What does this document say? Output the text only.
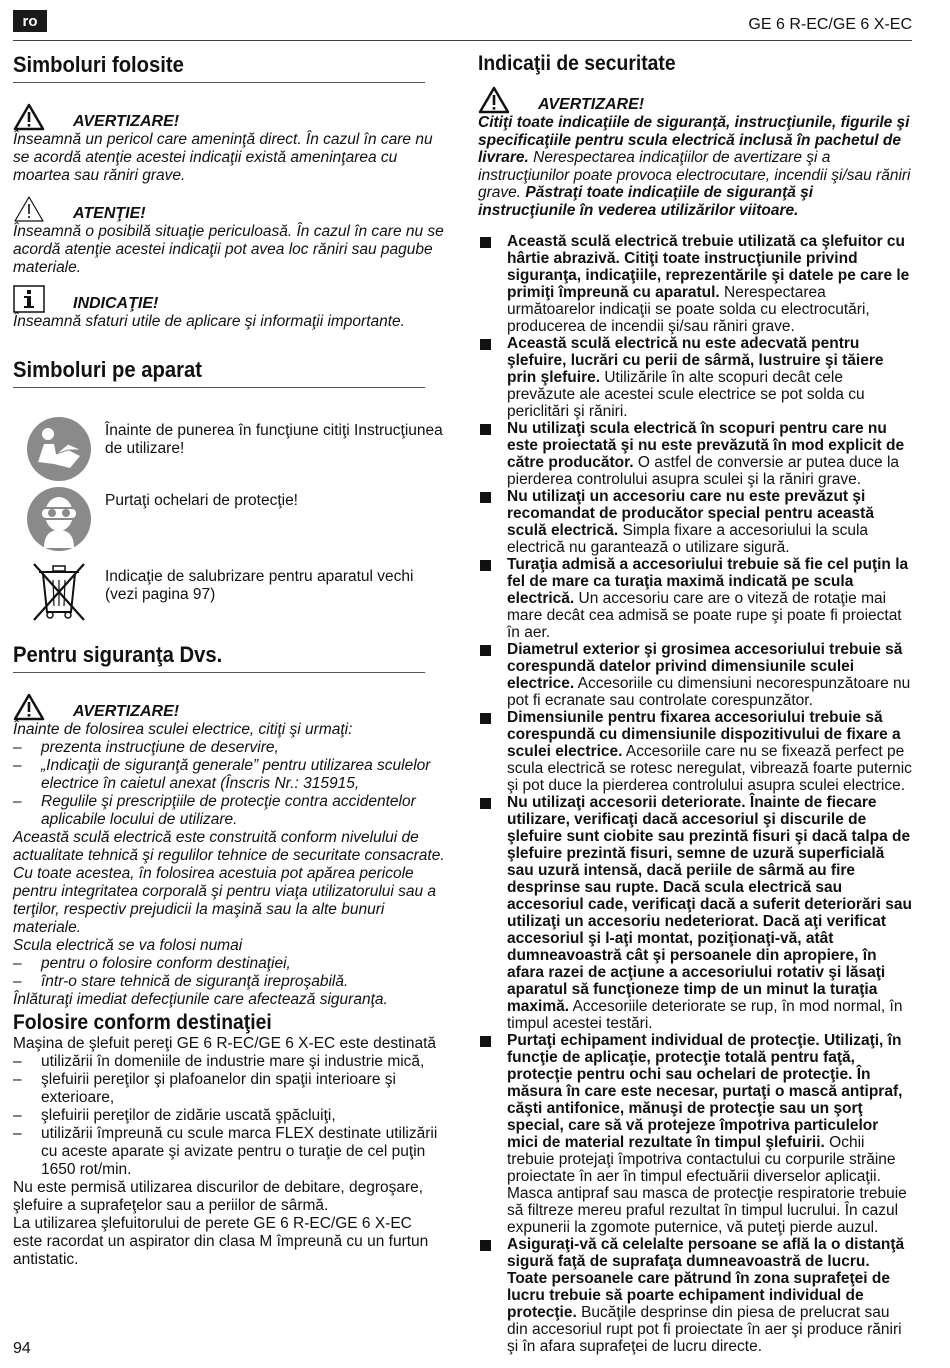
ro	GE 6 R-EC/GE 6 X-EC
Simboluri folosite
AVERTIZARE!

Înseamnă un pericol care ameninţă direct. În cazul în care nu se acordă atenţie acestei indicaţii există ameninţarea cu moartea sau răniri grave.

ATENŢIE!

Înseamnă o posibilă situaţie periculoasă. În cazul în care nu se acordă atenţie acestei indicaţii pot avea loc răniri sau pagube materiale.

INDICAŢIE!

Înseamnă sfaturi utile de aplicare şi informaţii importante.

Simboluri pe aparat
Înainte de punerea în funcţiune citiţi Instrucţiunea de utilizare!
Purtaţi ochelari de protecţie!
Indicaţie de salubrizare pentru aparatul vechi (vezi pagina 97)
Pentru siguranţa Dvs.
AVERTIZARE!

Înainte de folosirea sculei electrice, citiţi şi urmaţi:

–	prezenta instrucţiune de deservire,
–	„Indicaţii de siguranţă generale” pentru utilizarea sculelor electrice în caietul anexat (Înscris Nr.: 315915,
–	Regulile şi prescripţiile de protecţie contra accidentelor aplicabile locului de utilizare.

Această sculă electrică este construită conform nivelului de actualitate tehnică şi regulilor tehnice de securitate consacrate.

Cu toate acestea, în folosirea acestuia pot apărea pericole pentru integritatea corporală şi pentru viaţa utilizatorului sau a terţilor, respectiv prejudicii la maşină sau la alte bunuri materiale.

Scula electrică se va folosi numai

–	pentru o folosire conform destinaţiei,
–	într-o stare tehnică de siguranţă ireproşabilă.

Înlăturaţi imediat defecţiunile care afectează siguranţa.

Folosire conform destinaţiei

Maşina de şlefuit pereţi GE 6 R-EC/GE 6 X-EC este destinată

–	utilizării în domeniile de industrie mare şi industrie mică,
–	şlefuirii pereţilor şi plafoanelor din spaţii interioare şi exterioare,
–	şlefuirii pereţilor de zidărie uscată şpăcluiţi,
–	utilizării împreună cu scule marca FLEX destinate utilizării cu aceste aparate şi avizate pentru o turaţie de cel puţin 1650 rot/min.

Nu este permisă utilizarea discurilor de debitare, degroşare, şlefuire a suprafeţelor sau a periilor de sârmă.

La utilizarea şlefuitorului de perete GE 6 R-EC/GE 6 X-EC este racordat un aspirator din clasa M împreună cu un furtun antistatic.

Indicaţii de securitate
AVERTIZARE!

Citiţi toate indicaţiile de siguranţă, instrucţiunile, figurile şi specificaţiile pentru scula electrică inclusă în pachetul de livrare. Nerespectarea indicaţiilor de avertizare şi a instrucţiunilor poate provoca electrocutare, incendii şi/sau răniri grave. Păstraţi toate indicaţiile de siguranţă şi instrucţiunile în vederea utilizărilor viitoare.

Această sculă electrică trebuie utilizată ca şlefuitor cu hârtie abrazivă. Citiţi toate instrucţiunile privind siguranţa, indicaţiile, reprezentările şi datele pe care le primiţi împreună cu aparatul. Nerespectarea următoarelor indicaţii se poate solda cu electrocutări, producerea de incendii şi/sau răniri grave.
Această sculă electrică nu este adecvată pentru şlefuire, lucrări cu perii de sârmă, lustruire şi tăiere prin şlefuire. Utilizările în alte scopuri decât cele prevăzute ale acestei scule electrice se pot solda cu periclitări şi răniri.
Nu utilizaţi scula electrică în scopuri pentru care nu este proiectată şi nu este prevăzută în mod explicit de către producător. O astfel de conversie ar putea duce la pierderea controlului asupra sculei şi la răniri grave.
Nu utilizaţi un accesoriu care nu este prevăzut şi recomandat de producător special pentru această sculă electrică. Simpla fixare a accesoriului la scula electrică nu garantează o utilizare sigură.
Turaţia admisă a accesoriului trebuie să fie cel puţin la fel de mare ca turaţia maximă indicată pe scula electrică. Un accesoriu care are o viteză de rotaţie mai mare decât cea admisă se poate rupe şi poate fi proiectat în aer.
Diametrul exterior şi grosimea accesoriului trebuie să corespundă datelor privind dimensiunile sculei electrice. Accesoriile cu dimensiuni necorespunzătoare nu pot fi ecranate sau controlate corespunzător.
Dimensiunile pentru fixarea accesoriului trebuie să corespundă cu dimensiunile dispozitivului de fixare a sculei electrice. Accesoriile care nu se fixează perfect pe scula electrică se rotesc neregulat, vibrează foarte puternic şi pot duce la pierderea controlului asupra sculei electrice.
Nu utilizaţi accesorii deteriorate. Înainte de fiecare utilizare, verificaţi dacă accesoriul şi discurile de şlefuire sunt ciobite sau prezintă fisuri şi dacă talpa de şlefuire prezintă fisuri, semne de uzură superficială sau uzură intensă, dacă periile de sârmă au fire desprinse sau rupte. Dacă scula electrică sau accesoriul cade, verificaţi dacă a suferit deteriorări sau utilizaţi un accesoriu nedeteriorat. Dacă aţi verificat accesoriul şi l-aţi montat, poziţionaţi-vă, atât dumneavoastră cât şi persoanele din apropiere, în afara razei de acţiune a accesoriului rotativ şi lăsaţi aparatul să funcţioneze timp de un minut la turaţia maximă. Accesoriile deteriorate se rup, în mod normal, în timpul acestei testări.
Purtaţi echipament individual de protecţie. Utilizaţi, în funcţie de aplicaţie, protecţie totală pentru faţă, protecţie pentru ochi sau ochelari de protecţie. În măsura în care este necesar, purtaţi o mască antipraf, căşti antifonice, mănuşi de protecţie sau un şorţ special, care să vă protejeze împotriva particulelor mici de material rezultate în timpul şlefuirii. Ochii trebuie protejaţi împotriva contactului cu corpurile străine proiectate în aer în timpul efectuării diverselor aplicaţii. Masca antipraf sau masca de protecţie respiratorie trebuie să filtreze mereu praful rezultat în timpul lucrului. În cazul expunerii la zgomote puternice, vă puteţi pierde auzul.
Asiguraţi-vă că celelalte persoane se află la o distanţă sigură faţă de suprafaţa dumneavoastră de lucru. Toate persoanele care pătrund în zona suprafeţei de lucru trebuie să poarte echipament individual de protecţie. Bucăţile desprinse din piesa de prelucrat sau din accesoriul rupt pot fi proiectate în aer şi produce răniri şi în afara suprafeţei de lucru directe.
94
